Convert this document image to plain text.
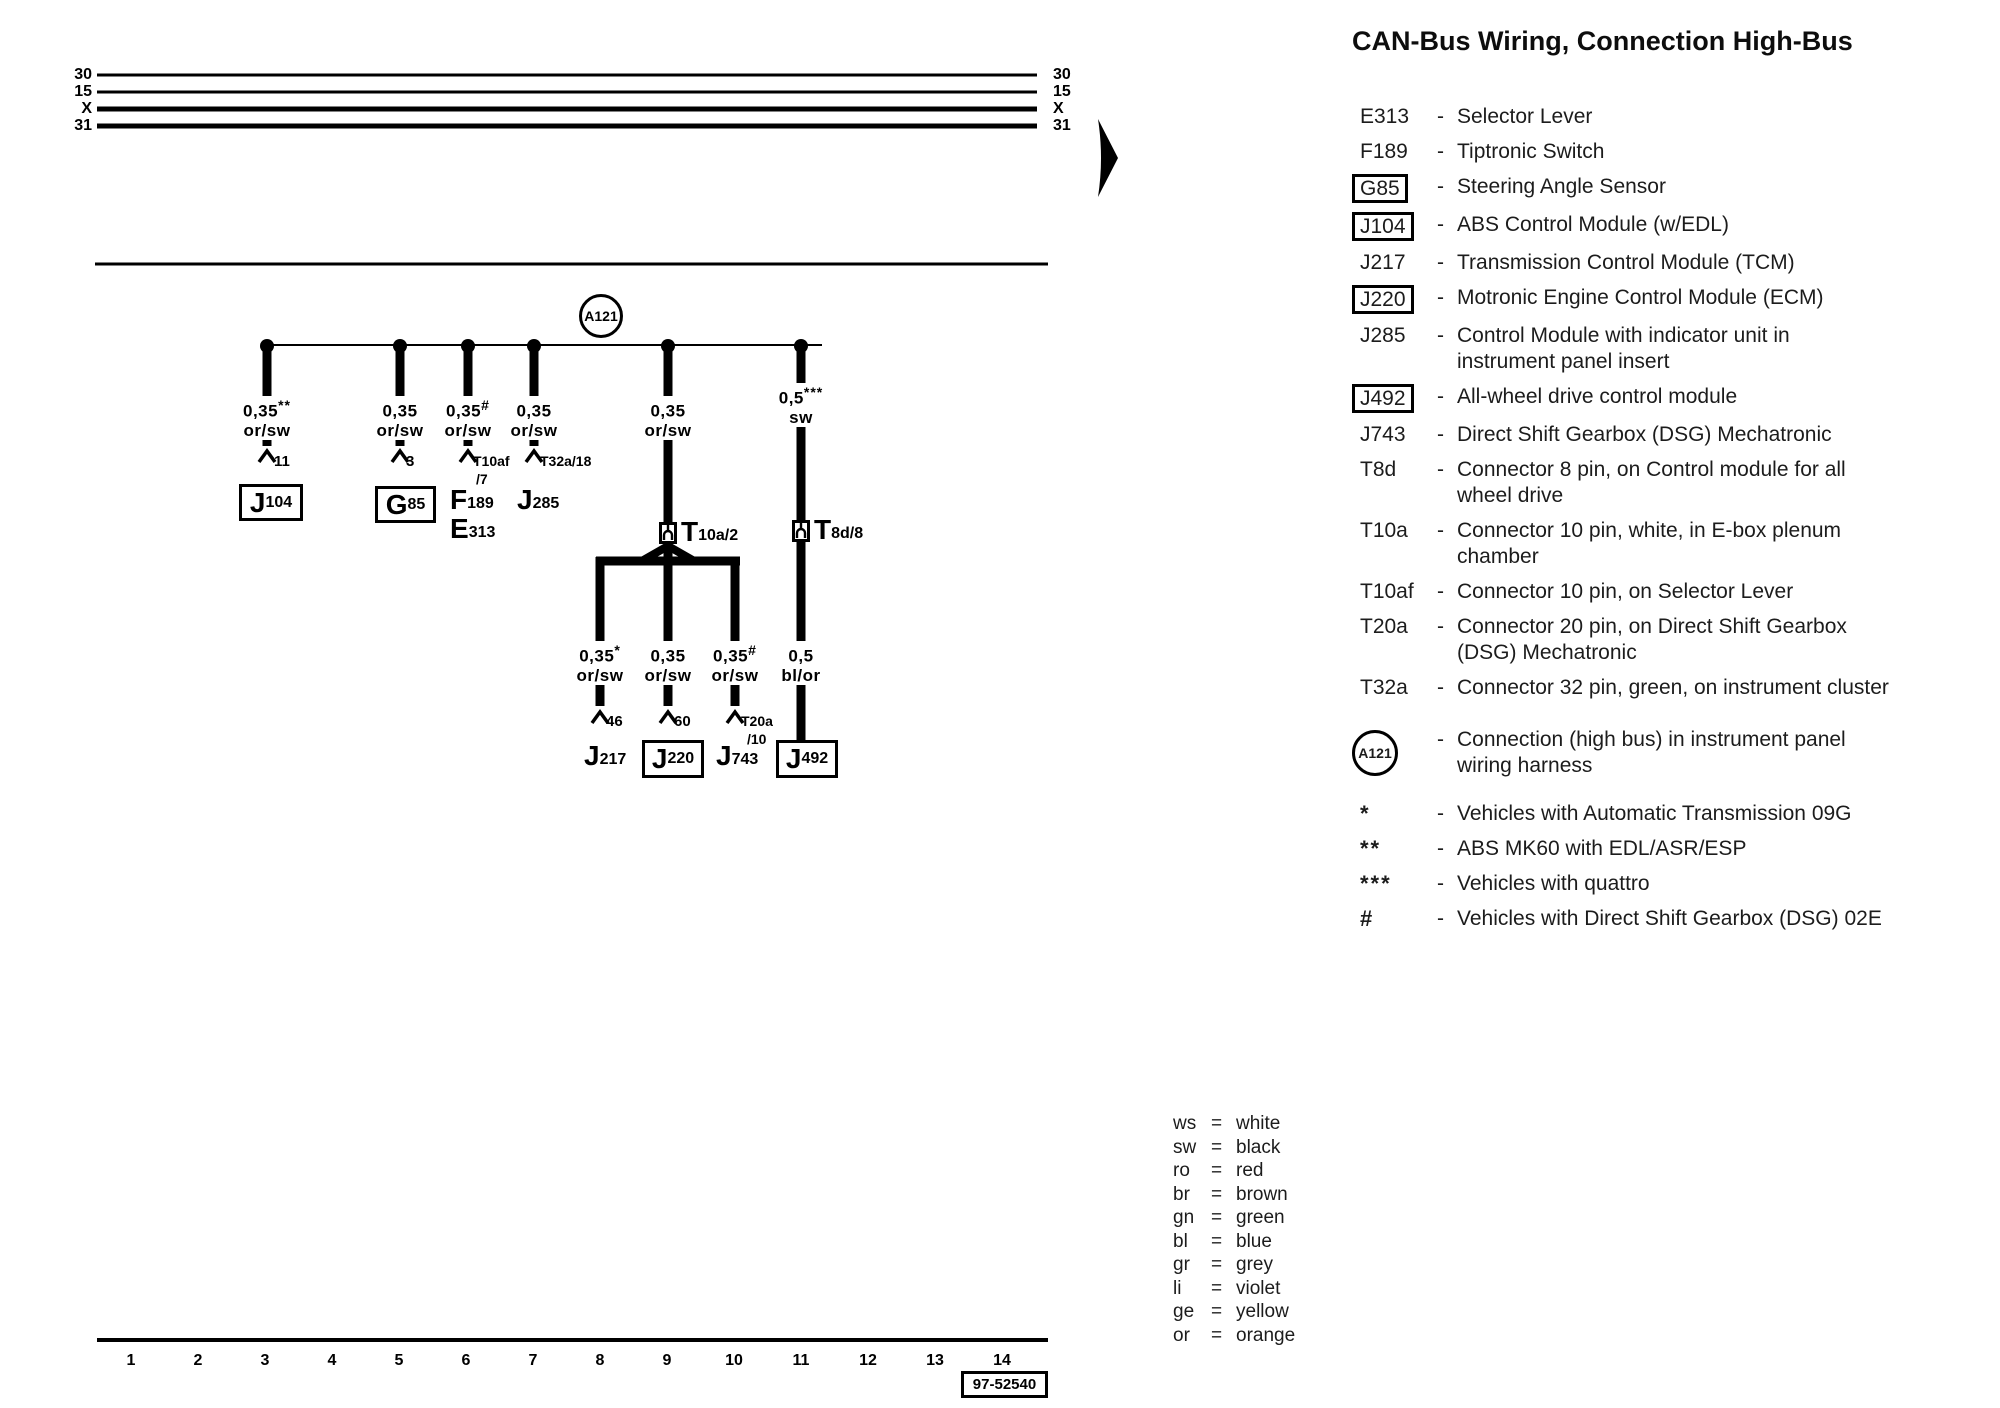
30
15
X
31
30
15
X
31
A121
0,35**
or/sw
0,35
or/sw
0,35#
or/sw
0,35
or/sw
0,35
or/sw
0,5***
sw
0,35*
or/sw
0,35
or/sw
0,35#
or/sw
0,5
bl/or
11	3	T10af
/7
T32a/18
46	60	T20a
/10
T10a/2	T8d/8
J 104	G 85 F189
E313
J285
J217 J 220 J743 J 492
CAN-Bus Wiring, Connection High-Bus
E313	- Selector Lever
F189	- Tiptronic Switch
G85	- Steering Angle Sensor
J104	- ABS Control Module (w/EDL)
J217	- Transmission Control Module (TCM)
J220	- Motronic Engine Control Module (ECM)
J285	- Control Module with indicator unit in
instrument panel insert
J492	- All-wheel drive control module
J743	- Direct Shift Gearbox (DSG) Mechatronic
T8d	- Connector 8 pin, on Control module for all
wheel drive
T10a	- Connector 10 pin, white, in E-box plenum
chamber
T10af	- Connector 10 pin, on Selector Lever
T20a	- Connector 20 pin, on Direct Shift Gearbox
(DSG) Mechatronic
T32a	- Connector 32 pin, green, on instrument cluster
A121
- Connection (high bus) in instrument panel
wiring harness
*	- Vehicles with Automatic Transmission 09G
**	- ABS MK60 with EDL/ASR/ESP
***	- Vehicles with quattro
#	- Vehicles with Direct Shift Gearbox (DSG) 02E
ws = white
sw = black
ro = red
br = brown
gn = green
bl = blue
gr = grey
li = violet
ge = yellow
or = orange
1	2	3	4	5	6	7	8	9	10	11	12	13	14
97-52540
